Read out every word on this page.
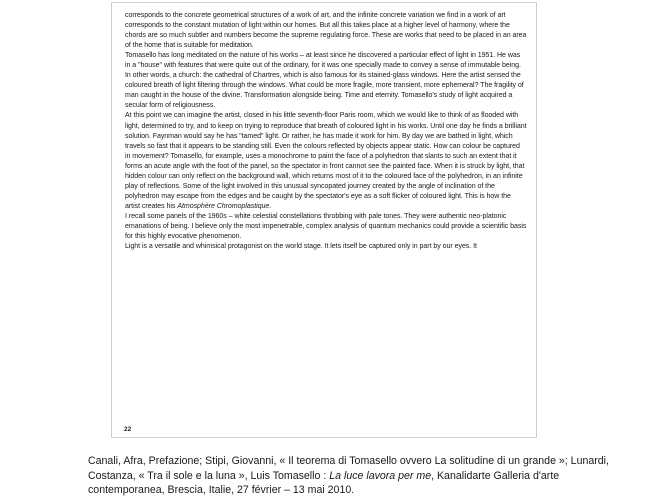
corresponds to the concrete geometrical structures of a work of art, and the infinite concrete variation we find in a work of art corresponds to the constant mutation of light within our homes. But all this takes place at a higher level of harmony, where the chords are so much subtler and numbers become the supreme regulating force. These are works that need to be placed in an area of the home that is suitable for meditation.

Tomasello has long meditated on the nature of his works – at least since he discovered a particular effect of light in 1951. He was in a "house" with features that were quite out of the ordinary, for it was one specially made to convey a sense of immutable being. In other words, a church: the cathedral of Chartres, which is also famous for its stained-glass windows. Here the artist sensed the coloured breath of light filtering through the windows. What could be more fragile, more transient, more ephemeral? The fragility of man caught in the house of the divine. Transformation alongside being. Time and eternity. Tomasello's study of light acquired a secular form of religiousness.

At this point we can imagine the artist, closed in his little seventh-floor Paris room, which we would like to think of as flooded with light, determined to try, and to keep on trying to reproduce that breath of coloured light in his works. Until one day he finds a brilliant solution. Faynman would say he has "tamed" light. Or rather, he has made it work for him. By day we are bathed in light, which travels so fast that it appears to be standing still. Even the colours reflected by objects appear static. How can colour be captured in movement? Tomasello, for example, uses a monochrome to paint the face of a polyhedron that slants to such an extent that it forms an acute angle with the foot of the panel, so the spectator in front cannot see the painted face. When it is struck by light, that hidden colour can only reflect on the background wall, which returns most of it to the coloured face of the polyhedron, in an infinite play of reflections. Some of the light involved in this unusual syncopated journey created by the angle of inclination of the polyhedron may escape from the edges and be caught by the spectator's eye as a soft flicker of coloured light. This is how the artist creates his Atmosphère Chromoplastique.

I recall some panels of the 1960s – white celestial constellations throbbing with pale tones. They were authentic neo-platonic emanations of being. I believe only the most impenetrable, complex analysis of quantum mechanics could provide a scientific basis for this highly evocative phenomenon.

Light is a versatile and whimsical protagonist on the world stage. It lets itself be captured only in part by our eyes. It

22
Canali, Afra, Prefazione; Stipi, Giovanni, « Il teorema di Tomasello ovvero La solitudine di un grande »; Lunardi, Costanza, « Tra il sole e la luna », Luis Tomasello : La luce lavora per me, Kanalidarte Galleria d'arte contemporanea, Brescia, Italie, 27 février – 13 mai 2010.
